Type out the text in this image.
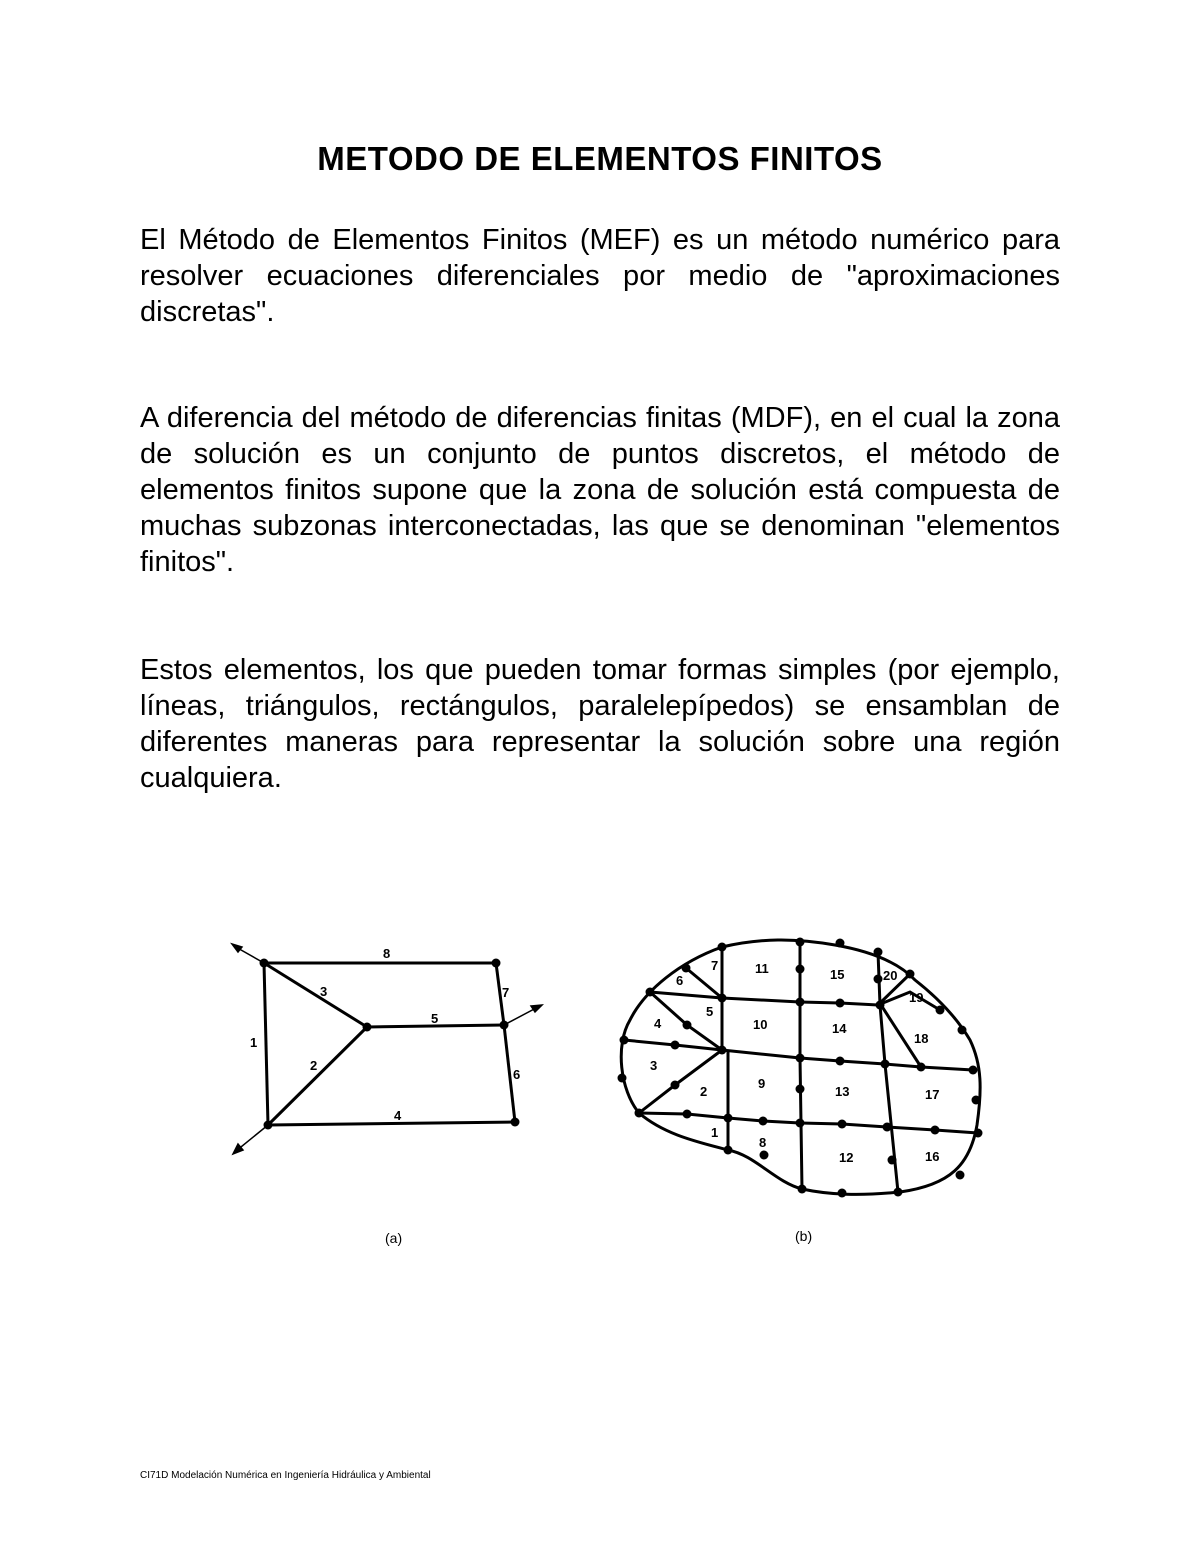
METODO DE ELEMENTOS FINITOS

El Método de Elementos Finitos (MEF) es un método numérico para resolver ecuaciones diferenciales por medio de "aproximaciones discretas".

A diferencia del método de diferencias finitas (MDF), en el cual la zona de solución es un conjunto de puntos discretos, el método de elementos finitos supone que la zona de solución está compuesta de muchas subzonas interconectadas, las que se denominan "elementos finitos".

Estos elementos, los que pueden tomar formas simples (por ejemplo, líneas, triángulos, rectángulos, paralelepípedos) se ensamblan de diferentes maneras para representar la solución sobre una región cualquiera.

1
2
3
4
5
6
7
8
(a)
1
2
3
4
5
6
7
8
9
10
11
12
13
14
15
16
17
18
19
20
(b)
CI71D Modelación Numérica en Ingeniería Hidráulica y Ambiental
